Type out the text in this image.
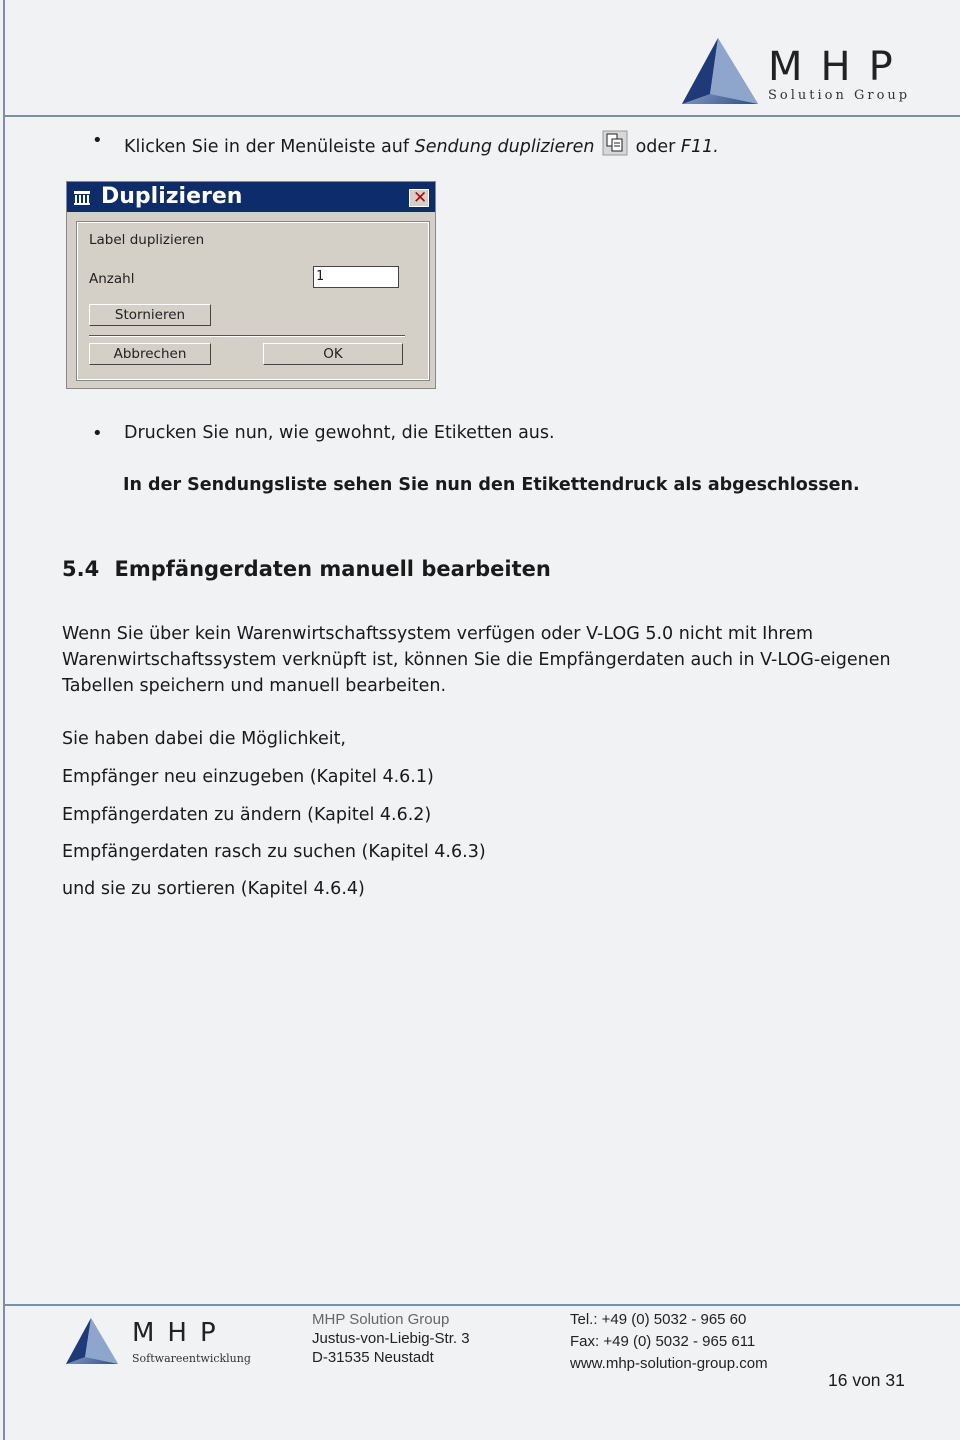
MHP
Solution Group
• Klicken Sie in der Menüleiste auf Sendung duplizieren  oder F11.
Duplizieren	✕
Label duplizieren
Anzahl	1
Stornieren
Abbrechen	OK
• Drucken Sie nun, wie gewohnt, die Etiketten aus.
In der Sendungsliste sehen Sie nun den Etikettendruck als abgeschlossen.
5.4 Empfängerdaten manuell bearbeiten
Wenn Sie über kein Warenwirtschaftssystem verfügen oder V-LOG 5.0 nicht mit Ihrem
Warenwirtschaftssystem verknüpft ist, können Sie die Empfängerdaten auch in V-LOG-eigenen
Tabellen speichern und manuell bearbeiten.
Sie haben dabei die Möglichkeit,
Empfänger neu einzugeben (Kapitel 4.6.1)
Empfängerdaten zu ändern (Kapitel 4.6.2)
Empfängerdaten rasch zu suchen (Kapitel 4.6.3)
und sie zu sortieren (Kapitel 4.6.4)
MHP
Softwareentwicklung
MHP Solution Group
Justus-von-Liebig-Str. 3
D-31535 Neustadt
Tel.: +49 (0) 5032 - 965 60
Fax: +49 (0) 5032 - 965 611
www.mhp-solution-group.com
16 von 31
